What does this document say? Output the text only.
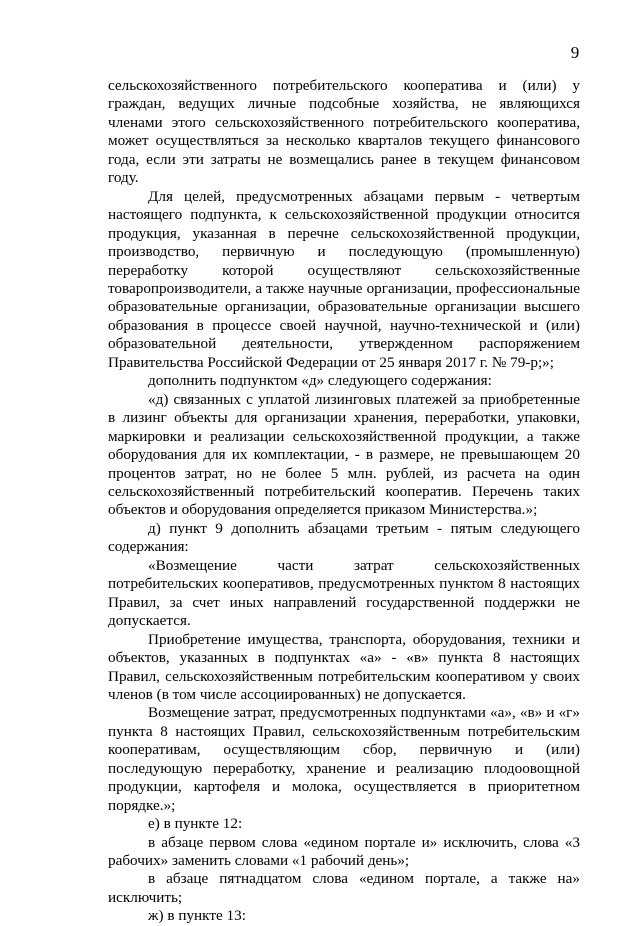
9

сельскохозяйственного потребительского кооператива и (или) у граждан, ведущих личные подсобные хозяйства, не являющихся членами этого сельскохозяйственного потребительского кооператива, может осуществляться за несколько кварталов текущего финансового года, если эти затраты не возмещались ранее в текущем финансовом году.

Для целей, предусмотренных абзацами первым - четвертым настоящего подпункта, к сельскохозяйственной продукции относится продукция, указанная в перечне сельскохозяйственной продукции, производство, первичную и последующую (промышленную) переработку которой осуществляют сельскохозяйственные товаропроизводители, а также научные организации, профессиональные образовательные организации, образовательные организации высшего образования в процессе своей научной, научно-технической и (или) образовательной деятельности, утвержденном распоряжением Правительства Российской Федерации от 25 января 2017 г. № 79-р;»;

дополнить подпунктом «д» следующего содержания:

«д) связанных с уплатой лизинговых платежей за приобретенные в лизинг объекты для организации хранения, переработки, упаковки, маркировки и реализации сельскохозяйственной продукции, а также оборудования для их комплектации, - в размере, не превышающем 20 процентов затрат, но не более 5 млн. рублей, из расчета на один сельскохозяйственный потребительский кооператив. Перечень таких объектов и оборудования определяется приказом Министерства.»;

д) пункт 9 дополнить абзацами третьим - пятым следующего содержания:

«Возмещение части затрат сельскохозяйственных потребительских кооперативов, предусмотренных пунктом 8 настоящих Правил, за счет иных направлений государственной поддержки не допускается.

Приобретение имущества, транспорта, оборудования, техники и объектов, указанных в подпунктах «а» - «в» пункта 8 настоящих Правил, сельскохозяйственным потребительским кооперативом у своих членов (в том числе ассоциированных) не допускается.

Возмещение затрат, предусмотренных подпунктами «а», «в» и «г» пункта 8 настоящих Правил, сельскохозяйственным потребительским кооперативам, осуществляющим сбор, первичную и (или) последующую переработку, хранение и реализацию плодоовощной продукции, картофеля и молока, осуществляется в приоритетном порядке.»;

е) в пункте 12:

в абзаце первом слова «едином портале и» исключить, слова «3 рабочих» заменить словами «1 рабочий день»;

в абзаце пятнадцатом слова «едином портале, а также на» исключить;

ж) в пункте 13:
